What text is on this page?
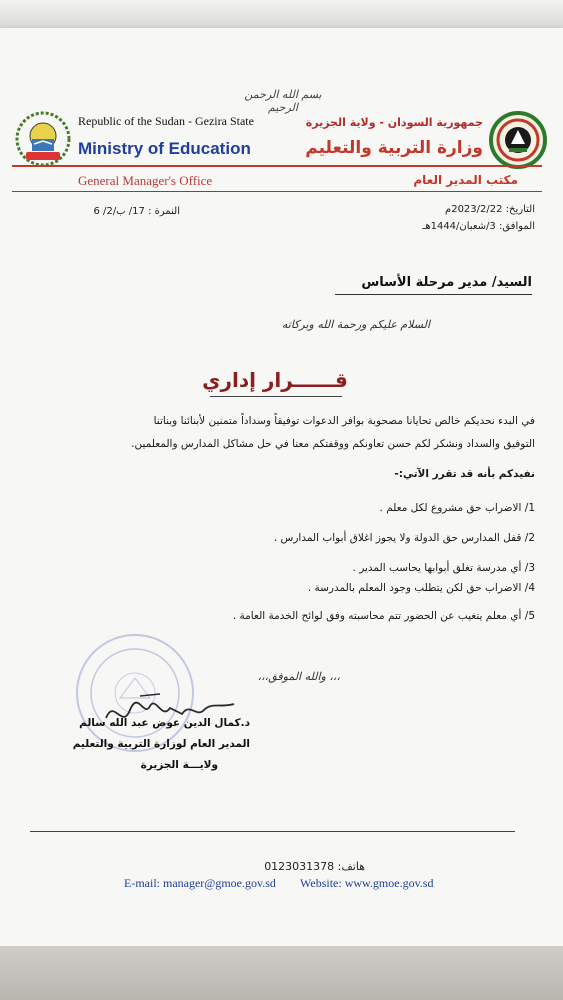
بسم الله الرحمن الرحيم
Republic of the Sudan - Gezira State
Ministry of Education
جمهورية السودان - ولاية الجزيرة
وزارة التربية والتعليم
General Manager's Office	مكتب المدير العام
التاريخ: 2023/2/22م
الموافق: 3/شعبان/1444هـ
النمرة : 17/ ب/2/ 6
السيد/ مدير مرحلة الأساس
السلام عليكم ورحمة الله وبركاته
قــــــرار إداري
في البدء نحديكم خالص تحايانا مصحوبة بوافر الدعوات توفيقاً وسداداً متمنين لأبنائنا وبناتنا
التوفيق والسداد ونشكر لكم حسن تعاونكم ووقفتكم معنا في حل مشاكل المدارس والمعلمين.
نفيدكم بأنه قد تقرر الآتي:-
1/ الاضراب حق مشروع لكل معلم .
2/ قفل المدارس حق الدولة ولا يجوز اغلاق أبواب المدارس .
3/ أي مدرسة تغلق أبوابها يحاسب المدير .
4/ الاضراب حق لكن يتطلب وجود المعلم بالمدرسة .
5/ أي معلم يتغيب عن الحضور تتم محاسبته وفق لوائح الخدمة العامة .
،،، والله الموفق،،،
د.كمال الدين عوض عبد الله سالم
المدير العام لوزارة التربية والتعليم
ولايـــة الجزيرة
هاتف: 0123031378
E-mail: manager@gmoe.gov.sd Website: www.gmoe.gov.sd
